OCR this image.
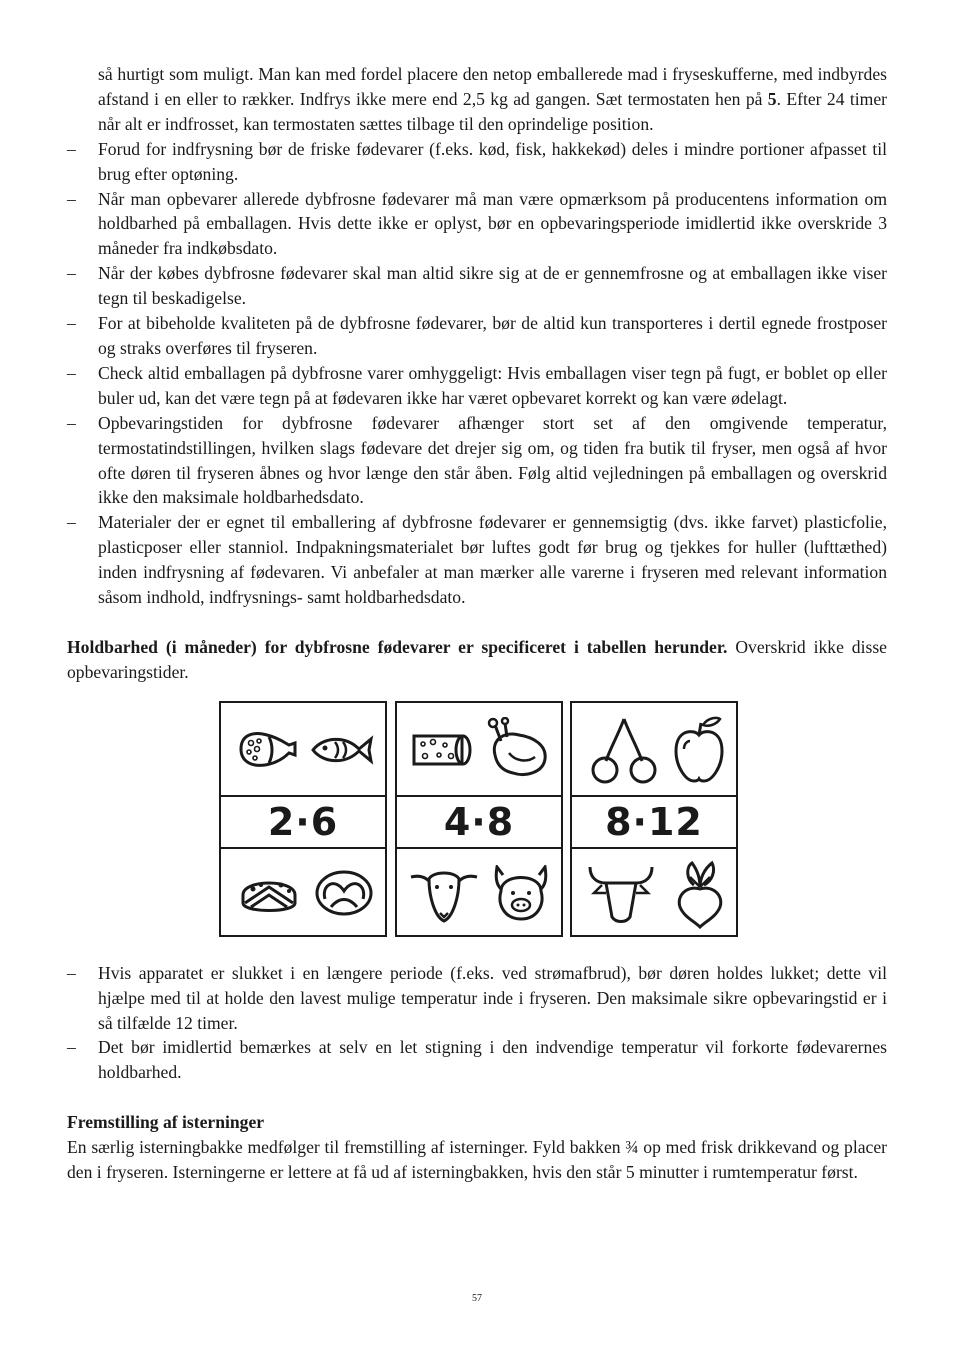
så hurtigt som muligt. Man kan med fordel placere den netop emballerede mad i fryseskufferne, med indbyrdes afstand i en eller to rækker. Indfrys ikke mere end 2,5 kg ad gangen. Sæt termostaten hen på 5. Efter 24 timer når alt er indfrosset, kan termostaten sættes tilbage til den oprindelige position.

– Forud for indfrysning bør de friske fødevarer (f.eks. kød, fisk, hakkekød) deles i mindre portioner afpasset til brug efter optøning.
– Når man opbevarer allerede dybfrosne fødevarer må man være opmærksom på producentens information om holdbarhed på emballagen. Hvis dette ikke er oplyst, bør en opbevaringsperiode imidlertid ikke overskride 3 måneder fra indkøbsdato.
– Når der købes dybfrosne fødevarer skal man altid sikre sig at de er gennemfrosne og at emballagen ikke viser tegn til beskadigelse.
– For at bibeholde kvaliteten på de dybfrosne fødevarer, bør de altid kun transporteres i dertil egnede frostposer og straks overføres til fryseren.
– Check altid emballagen på dybfrosne varer omhyggeligt: Hvis emballagen viser tegn på fugt, er boblet op eller buler ud, kan det være tegn på at fødevaren ikke har været opbevaret korrekt og kan være ødelagt.
– Opbevaringstiden for dybfrosne fødevarer afhænger stort set af den omgivende temperatur, termostatindstillingen, hvilken slags fødevare det drejer sig om, og tiden fra butik til fryser, men også af hvor ofte døren til fryseren åbnes og hvor længe den står åben. Følg altid vejledningen på emballagen og overskrid ikke den maksimale holdbarhedsdato.
– Materialer der er egnet til emballering af dybfrosne fødevarer er gennemsigtig (dvs. ikke farvet) plasticfolie, plasticposer eller stanniol. Indpakningsmaterialet bør luftes godt før brug og tjekkes for huller (lufttæthed) inden indfrysning af fødevaren. Vi anbefaler at man mærker alle varerne i fryseren med relevant information såsom indhold, indfrysnings- samt holdbarhedsdato.

Holdbarhed (i måneder) for dybfrosne fødevarer er specificeret i tabellen herunder. Overskrid ikke disse opbevaringstider.

2·6	4·8	8·12
– Hvis apparatet er slukket i en længere periode (f.eks. ved strømafbrud), bør døren holdes lukket; dette vil hjælpe med til at holde den lavest mulige temperatur inde i fryseren. Den maksimale sikre opbevaringstid er i så tilfælde 12 timer.
– Det bør imidlertid bemærkes at selv en let stigning i den indvendige temperatur vil forkorte fødevarernes holdbarhed.

Fremstilling af isterninger

En særlig isterningbakke medfølger til fremstilling af isterninger. Fyld bakken ¾ op med frisk drikkevand og placer den i fryseren. Isterningerne er lettere at få ud af isterningbakken, hvis den står 5 minutter i rumtemperatur først.

57
